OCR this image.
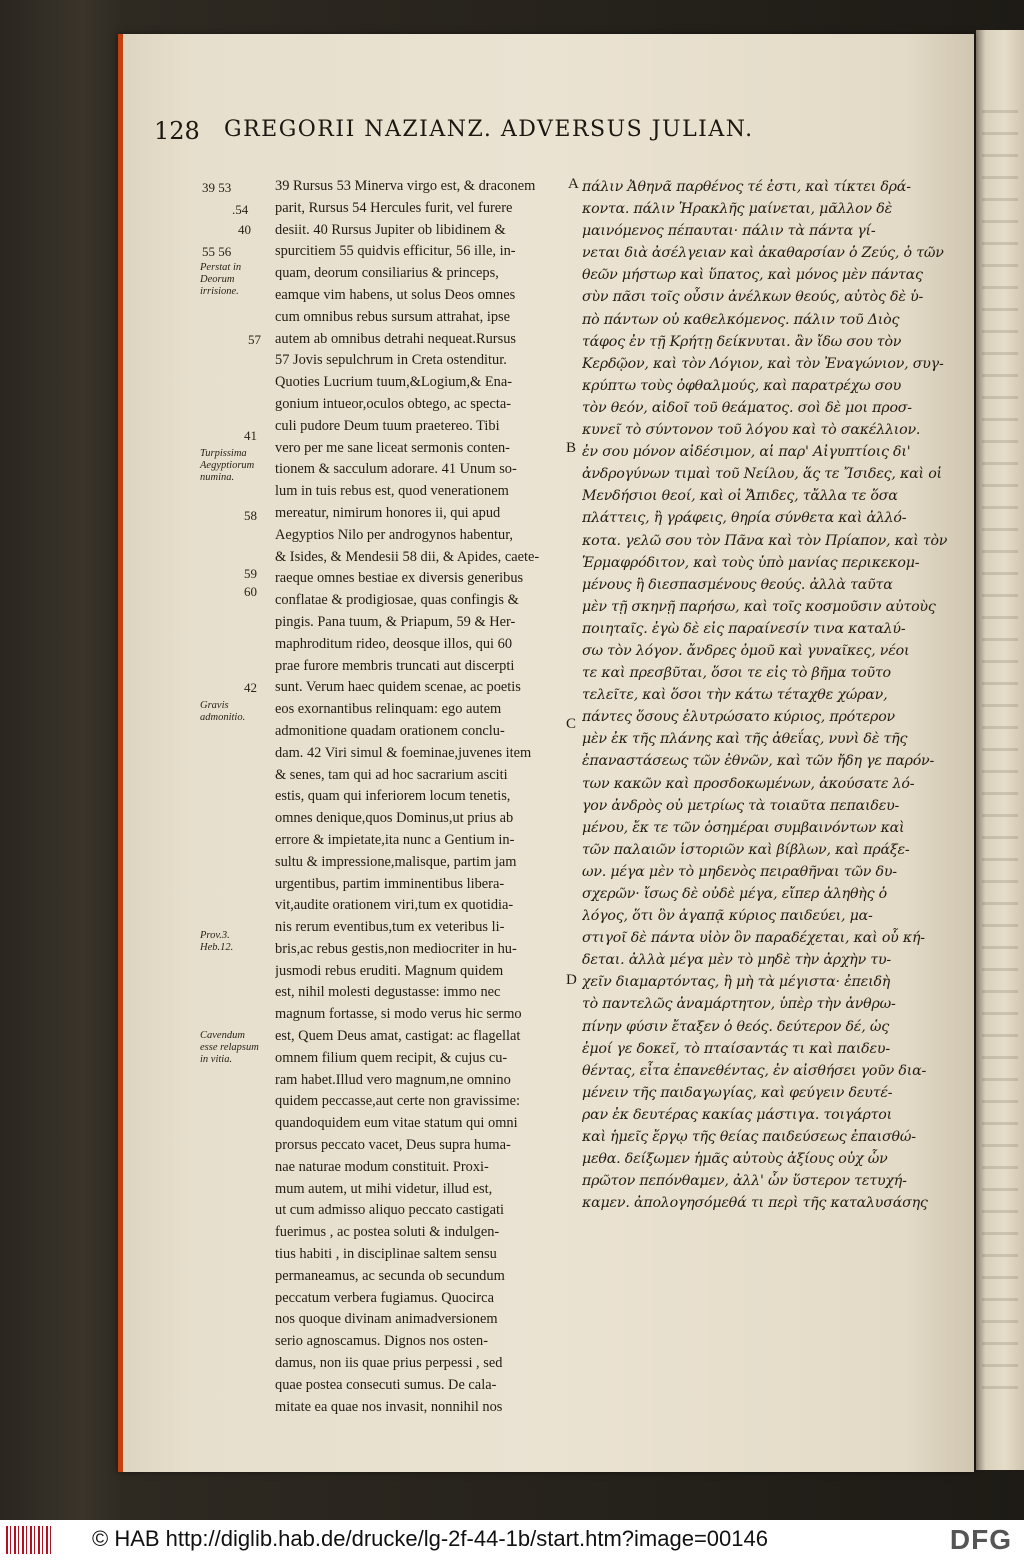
128 GREGORII NAZIANZ. ADVERSUS JULIAN.
39 53
.54
40
55 56
57
41
58
59
60
42
Perstat in Deorum irrisione.
Turpissima Aegyptiorum numina.
Gravis admonitio.
Prov.3. Heb.12.
Cavendum esse relapsum in vitia.
A
B
C
D
39 Rursus 53 Minerva virgo est, & draconem
parit, Rursus 54 Hercules furit, vel furere
desiit. 40 Rursus Jupiter ob libidinem &
spurcitiem 55 quidvis efficitur, 56 ille, in-
quam, deorum consiliarius & princeps,
eamque vim habens, ut solus Deos omnes
cum omnibus rebus sursum attrahat, ipse
autem ab omnibus detrahi nequeat.Rursus
57 Jovis sepulchrum in Creta ostenditur.
Quoties Lucrium tuum,&Logium,& Ena-
gonium intueor,oculos obtego, ac specta-
culi pudore Deum tuum praetereo. Tibi
vero per me sane liceat sermonis conten-
tionem & sacculum adorare. 41 Unum so-
lum in tuis rebus est, quod venerationem
mereatur, nimirum honores ii, qui apud
Aegyptios Nilo per androgynos habentur,
& Isides, & Mendesii 58 dii, & Apides, caete-
raeque omnes bestiae ex diversis generibus
conflatae & prodigiosae, quas confingis &
pingis. Pana tuum, & Priapum, 59 & Her-
maphroditum rideo, deosque illos, qui 60
prae furore membris truncati aut discerpti
sunt. Verum haec quidem scenae, ac poetis
eos exornantibus relinquam: ego autem
admonitione quadam orationem conclu-
dam. 42 Viri simul & foeminae,juvenes item
& senes, tam qui ad hoc sacrarium asciti
estis, quam qui inferiorem locum tenetis,
omnes denique,quos Dominus,ut prius ab
errore & impietate,ita nunc a Gentium in-
sultu & impressione,malisque, partim jam
urgentibus, partim imminentibus libera-
vit,audite orationem viri,tum ex quotidia-
nis rerum eventibus,tum ex veteribus li-
bris,ac rebus gestis,non mediocriter in hu-
jusmodi rebus eruditi. Magnum quidem
est, nihil molesti degustasse: immo nec
magnum fortasse, si modo verus hic sermo
est, Quem Deus amat, castigat: ac flagellat
omnem filium quem recipit, & cujus cu-
ram habet.Illud vero magnum,ne omnino
quidem peccasse,aut certe non gravissime:
quandoquidem eum vitae statum qui omni
prorsus peccato vacet, Deus supra huma-
nae naturae modum constituit. Proxi-
mum autem, ut mihi videtur, illud est,
ut cum admisso aliquo peccato castigati
fuerimus , ac postea soluti & indulgen-
tius habiti , in disciplinae saltem sensu
permaneamus, ac secunda ob secundum
peccatum verbera fugiamus. Quocirca
nos quoque divinam animadversionem
serio agnoscamus. Dignos nos osten-
damus, non iis quae prius perpessi , sed
quae postea consecuti sumus. De cala-
mitate ea quae nos invasit, nonnihil nos
πάλιν Ἀθηνᾶ παρθένος τέ ἐστι, καὶ τίκτει δρά-
κοντα. πάλιν Ἡρακλῆς μαίνεται, μᾶλλον δὲ
μαινόμενος πέπαυται· πάλιν τὰ πάντα γί-
νεται διὰ ἀσέλγειαν καὶ ἀκαθαρσίαν ὁ Ζεύς, ὁ τῶν
θεῶν μήστωρ καὶ ὕπατος, καὶ μόνος μὲν πάντας
σὺν πᾶσι τοῖς οὖσιν ἀνέλκων θεούς, αὐτὸς δὲ ὑ-
πὸ πάντων οὐ καθελκόμενος. πάλιν τοῦ Διὸς
τάφος ἐν τῇ Κρήτῃ δείκνυται. ἂν ἴδω σου τὸν
Κερδῷον, καὶ τὸν Λόγιον, καὶ τὸν Ἐναγώνιον, συγ-
κρύπτω τοὺς ὀφθαλμούς, καὶ παρατρέχω σου
τὸν θεόν, αἰδοῖ τοῦ θεάματος. σοὶ δὲ μοι προσ-
κυνεῖ τὸ σύντονον τοῦ λόγου καὶ τὸ σακέλλιον.
ἐν σου μόνον αἰδέσιμον, αἱ παρ' Αἰγυπτίοις δι'
ἀνδρογύνων τιμαὶ τοῦ Νείλου, ἅς τε Ἴσιδες, καὶ οἱ
Μενδήσιοι θεοί, καὶ οἱ Ἄπιδες, τἄλλα τε ὅσα
πλάττεις, ἢ γράφεις, θηρία σύνθετα καὶ ἀλλό-
κοτα. γελῶ σου τὸν Πᾶνα καὶ τὸν Πρίαπον, καὶ τὸν
Ἑρμαφρόδιτον, καὶ τοὺς ὑπὸ μανίας περικεκομ-
μένους ἢ διεσπασμένους θεούς. ἀλλὰ ταῦτα
μὲν τῇ σκηνῇ παρήσω, καὶ τοῖς κοσμοῦσιν αὐτοὺς
ποιηταῖς. ἐγὼ δὲ εἰς παραίνεσίν τινα καταλύ-
σω τὸν λόγον. ἄνδρες ὁμοῦ καὶ γυναῖκες, νέοι
τε καὶ πρεσβῦται, ὅσοι τε εἰς τὸ βῆμα τοῦτο
τελεῖτε, καὶ ὅσοι τὴν κάτω τέταχθε χώραν,
πάντες ὅσους ἐλυτρώσατο κύριος, πρότερον
μὲν ἐκ τῆς πλάνης καὶ τῆς ἀθεΐας, νυνὶ δὲ τῆς
ἐπαναστάσεως τῶν ἐθνῶν, καὶ τῶν ἤδη γε παρόν-
των κακῶν καὶ προσδοκωμένων, ἀκούσατε λό-
γον ἀνδρὸς οὐ μετρίως τὰ τοιαῦτα πεπαιδευ-
μένου, ἔκ τε τῶν ὁσημέραι συμβαινόντων καὶ
τῶν παλαιῶν ἱστοριῶν καὶ βίβλων, καὶ πράξε-
ων. μέγα μὲν τὸ μηδενὸς πειραθῆναι τῶν δυ-
σχερῶν· ἴσως δὲ οὐδὲ μέγα, εἴπερ ἀληθὴς ὁ
λόγος, ὅτι ὃν ἀγαπᾷ κύριος παιδεύει, μα-
στιγοῖ δὲ πάντα υἱὸν ὃν παραδέχεται, καὶ οὗ κή-
δεται. ἀλλὰ μέγα μὲν τὸ μηδὲ τὴν ἀρχὴν τυ-
χεῖν διαμαρτόντας, ἢ μὴ τὰ μέγιστα· ἐπειδὴ
τὸ παντελῶς ἀναμάρτητον, ὑπὲρ τὴν ἀνθρω-
πίνην φύσιν ἔταξεν ὁ θεός. δεύτερον δέ, ὡς
ἐμοί γε δοκεῖ, τὸ πταίσαντάς τι καὶ παιδευ-
θέντας, εἶτα ἐπανεθέντας, ἐν αἰσθήσει γοῦν δια-
μένειν τῆς παιδαγωγίας, καὶ φεύγειν δευτέ-
ραν ἐκ δευτέρας κακίας μάστιγα. τοιγάρτοι
καὶ ἡμεῖς ἔργῳ τῆς θείας παιδεύσεως ἐπαισθώ-
μεθα. δείξωμεν ἡμᾶς αὐτοὺς ἀξίους οὐχ ὧν
πρῶτον πεπόνθαμεν, ἀλλ' ὧν ὕστερον τετυχή-
καμεν. ἀπολογησόμεθά τι περὶ τῆς καταλυσάσης
© HAB http://diglib.hab.de/drucke/lg-2f-44-1b/start.htm?image=00146	DFG
